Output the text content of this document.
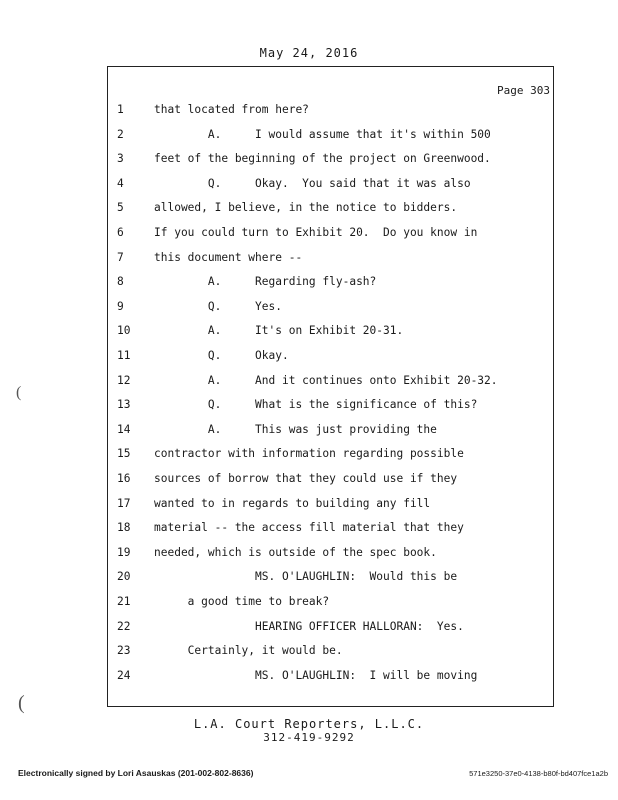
May 24, 2016
Page 303
1	that located from here?
2	A.     I would assume that it's within 500
3	feet of the beginning of the project on Greenwood.
4	Q.     Okay.  You said that it was also
5	allowed, I believe, in the notice to bidders.
6	If you could turn to Exhibit 20.  Do you know in
7	this document where --
8	A.     Regarding fly-ash?
9	Q.     Yes.
10	A.     It's on Exhibit 20-31.
11	Q.     Okay.
12	A.     And it continues onto Exhibit 20-32.
13	Q.     What is the significance of this?
14	A.     This was just providing the
15	contractor with information regarding possible
16	sources of borrow that they could use if they
17	wanted to in regards to building any fill
18	material -- the access fill material that they
19	needed, which is outside of the spec book.
20	MS. O'LAUGHLIN:  Would this be
21	a good time to break?
22	HEARING OFFICER HALLORAN:  Yes.
23	Certainly, it would be.
24	MS. O'LAUGHLIN:  I will be moving
L.A. Court Reporters, L.L.C.
312-419-9292
Electronically signed by Lori Asauskas (201-002-802-8636)	571e3250-37e0-4138-b80f-bd407fce1a2b
(
(
